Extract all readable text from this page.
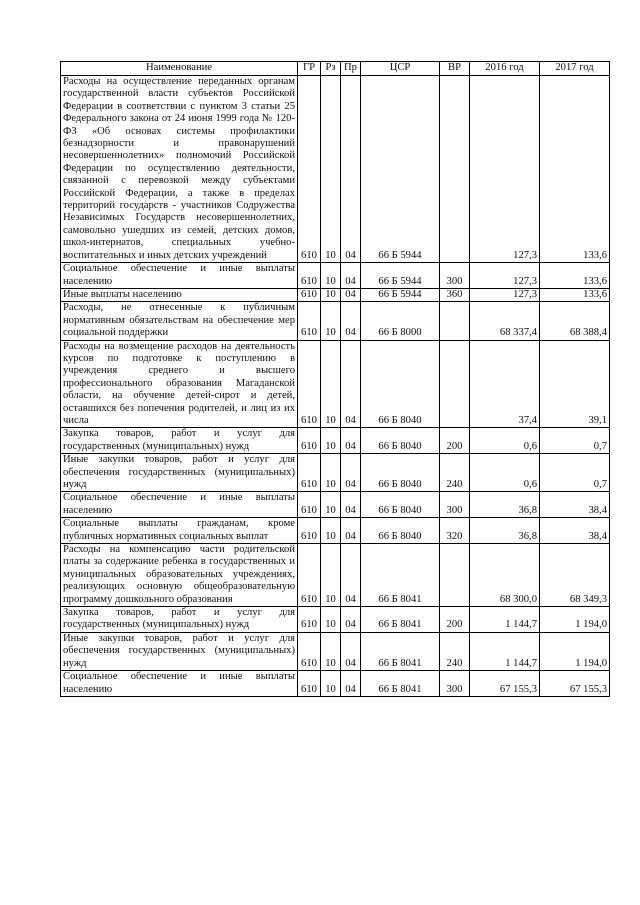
Наименование	ГР	Рз	Пр	ЦСР	ВР	2016 год	2017 год
Расходы на осуществление переданных органам государственной власти субъектов Российской Федерации в соответствии с пунктом 3 статьи 25 Федерального закона от 24 июня 1999 года № 120-ФЗ «Об основах системы профилактики безнадзорности и правонарушений несовершеннолетних» полномочий Российской Федерации по осуществлению деятельности, связанной с перевозкой между субъектами Российской Федерации, а также в пределах территорий государств - участников Содружества Независимых Государств несовершеннолетних, самовольно ушедших из семей, детских домов, школ-интернатов, специальных учебно-воспитательных и иных детских учреждений	610	10	04	66 Б 5944		127,3	133,6
Социальное обеспечение и иные выплаты населению	610	10	04	66 Б 5944	300	127,3	133,6
Иные выплаты населению	610	10	04	66 Б 5944	360	127,3	133,6
Расходы, не отнесенные к публичным нормативным обязательствам на обеспечение мер социальной поддержки	610	10	04	66 Б 8000		68 337,4	68 388,4
Расходы на возмещение расходов на деятельность курсов по подготовке к поступлению в учреждения среднего и высшего профессионального образования Магаданской области, на обучение детей-сирот и детей, оставшихся без попечения родителей, и лиц из их числа	610	10	04	66 Б 8040		37,4	39,1
Закупка товаров, работ и услуг для государственных (муниципальных) нужд	610	10	04	66 Б 8040	200	0,6	0,7
Иные закупки товаров, работ и услуг для обеспечения государственных (муниципальных) нужд	610	10	04	66 Б 8040	240	0,6	0,7
Социальное обеспечение и иные выплаты населению	610	10	04	66 Б 8040	300	36,8	38,4
Социальные выплаты гражданам, кроме публичных нормативных социальных выплат	610	10	04	66 Б 8040	320	36,8	38,4
Расходы на компенсацию части родительской платы за содержание ребенка в государственных и муниципальных образовательных учреждениях, реализующих основную общеобразовательную программу дошкольного образования	610	10	04	66 Б 8041		68 300,0	68 349,3
Закупка товаров, работ и услуг для государственных (муниципальных) нужд	610	10	04	66 Б 8041	200	1 144,7	1 194,0
Иные закупки товаров, работ и услуг для обеспечения государственных (муниципальных) нужд	610	10	04	66 Б 8041	240	1 144,7	1 194,0
Социальное обеспечение и иные выплаты населению	610	10	04	66 Б 8041	300	67 155,3	67 155,3
